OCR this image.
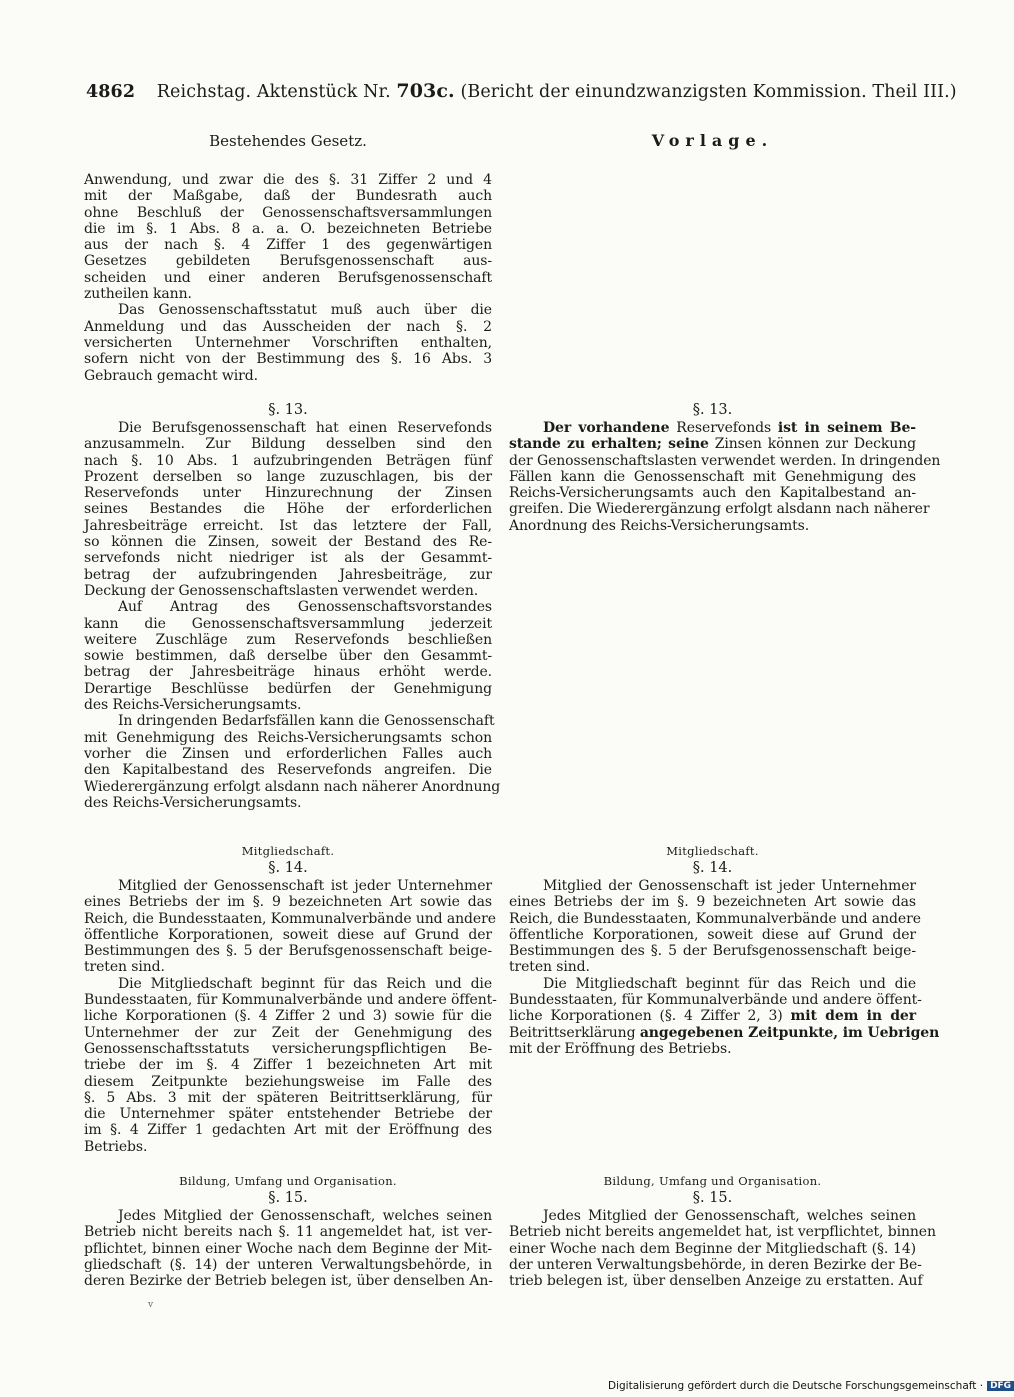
4862 Reichstag. Aktenstück Nr. 703c. (Bericht der einundzwanzigsten Kommission. Theil III.)
Bestehendes Gesetz.	Vorlage.
Anwendung, und zwar die des §. 31 Ziffer 2 und 4
mit der Maßgabe, daß der Bundesrath auch
ohne Beschluß der Genossenschaftsversammlungen
die im §. 1 Abs. 8 a. a. O. bezeichneten Betriebe
aus der nach §. 4 Ziffer 1 des gegenwärtigen
Gesetzes gebildeten Berufsgenossenschaft aus-
scheiden und einer anderen Berufsgenossenschaft
zutheilen kann.
Das Genossenschaftsstatut muß auch über die
Anmeldung und das Ausscheiden der nach §. 2
versicherten Unternehmer Vorschriften enthalten,
sofern nicht von der Bestimmung des §. 16 Abs. 3
Gebrauch gemacht wird.
§. 13.
Die Berufsgenossenschaft hat einen Reservefonds
anzusammeln. Zur Bildung desselben sind den
nach §. 10 Abs. 1 aufzubringenden Beträgen fünf
Prozent derselben so lange zuzuschlagen, bis der
Reservefonds unter Hinzurechnung der Zinsen
seines Bestandes die Höhe der erforderlichen
Jahresbeiträge erreicht. Ist das letztere der Fall,
so können die Zinsen, soweit der Bestand des Re-
servefonds nicht niedriger ist als der Gesammt-
betrag der aufzubringenden Jahresbeiträge, zur
Deckung der Genossenschaftslasten verwendet werden.
Auf Antrag des Genossenschaftsvorstandes
kann die Genossenschaftsversammlung jederzeit
weitere Zuschläge zum Reservefonds beschließen
sowie bestimmen, daß derselbe über den Gesammt-
betrag der Jahresbeiträge hinaus erhöht werde.
Derartige Beschlüsse bedürfen der Genehmigung
des Reichs-Versicherungsamts.
In dringenden Bedarfsfällen kann die Genossenschaft
mit Genehmigung des Reichs-Versicherungsamts schon
vorher die Zinsen und erforderlichen Falles auch
den Kapitalbestand des Reservefonds angreifen. Die
Wiederergänzung erfolgt alsdann nach näherer Anordnung
des Reichs-Versicherungsamts.
Mitgliedschaft.
§. 14.
Mitglied der Genossenschaft ist jeder Unternehmer
eines Betriebs der im §. 9 bezeichneten Art sowie das
Reich, die Bundesstaaten, Kommunalverbände und andere
öffentliche Korporationen, soweit diese auf Grund der
Bestimmungen des §. 5 der Berufsgenossenschaft beige-
treten sind.
Die Mitgliedschaft beginnt für das Reich und die
Bundesstaaten, für Kommunalverbände und andere öffent-
liche Korporationen (§. 4 Ziffer 2 und 3) sowie für die
Unternehmer der zur Zeit der Genehmigung des
Genossenschaftsstatuts versicherungspflichtigen Be-
triebe der im §. 4 Ziffer 1 bezeichneten Art mit
diesem Zeitpunkte beziehungsweise im Falle des
§. 5 Abs. 3 mit der späteren Beitrittserklärung, für
die Unternehmer später entstehender Betriebe der
im §. 4 Ziffer 1 gedachten Art mit der Eröffnung des
Betriebs.
Bildung, Umfang und Organisation.
§. 15.
Jedes Mitglied der Genossenschaft, welches seinen
Betrieb nicht bereits nach §. 11 angemeldet hat, ist ver-
pflichtet, binnen einer Woche nach dem Beginne der Mit-
gliedschaft (§. 14) der unteren Verwaltungsbehörde, in
deren Bezirke der Betrieb belegen ist, über denselben An-
§. 13.
Der vorhandene Reservefonds ist in seinem Be-
stande zu erhalten; seine Zinsen können zur Deckung
der Genossenschaftslasten verwendet werden. In dringenden
Fällen kann die Genossenschaft mit Genehmigung des
Reichs-Versicherungsamts auch den Kapitalbestand an-
greifen. Die Wiederergänzung erfolgt alsdann nach näherer
Anordnung des Reichs-Versicherungsamts.
Mitgliedschaft.
§. 14.
Mitglied der Genossenschaft ist jeder Unternehmer
eines Betriebs der im §. 9 bezeichneten Art sowie das
Reich, die Bundesstaaten, Kommunalverbände und andere
öffentliche Korporationen, soweit diese auf Grund der
Bestimmungen des §. 5 der Berufsgenossenschaft beige-
treten sind.
Die Mitgliedschaft beginnt für das Reich und die
Bundesstaaten, für Kommunalverbände und andere öffent-
liche Korporationen (§. 4 Ziffer 2, 3) mit dem in der
Beitrittserklärung angegebenen Zeitpunkte, im Uebrigen
mit der Eröffnung des Betriebs.
Bildung, Umfang und Organisation.
§. 15.
Jedes Mitglied der Genossenschaft, welches seinen
Betrieb nicht bereits angemeldet hat, ist verpflichtet, binnen
einer Woche nach dem Beginne der Mitgliedschaft (§. 14)
der unteren Verwaltungsbehörde, in deren Bezirke der Be-
trieb belegen ist, über denselben Anzeige zu erstatten. Auf
v
Digitalisierung gefördert durch die Deutsche Forschungsgemeinschaft · DFG
